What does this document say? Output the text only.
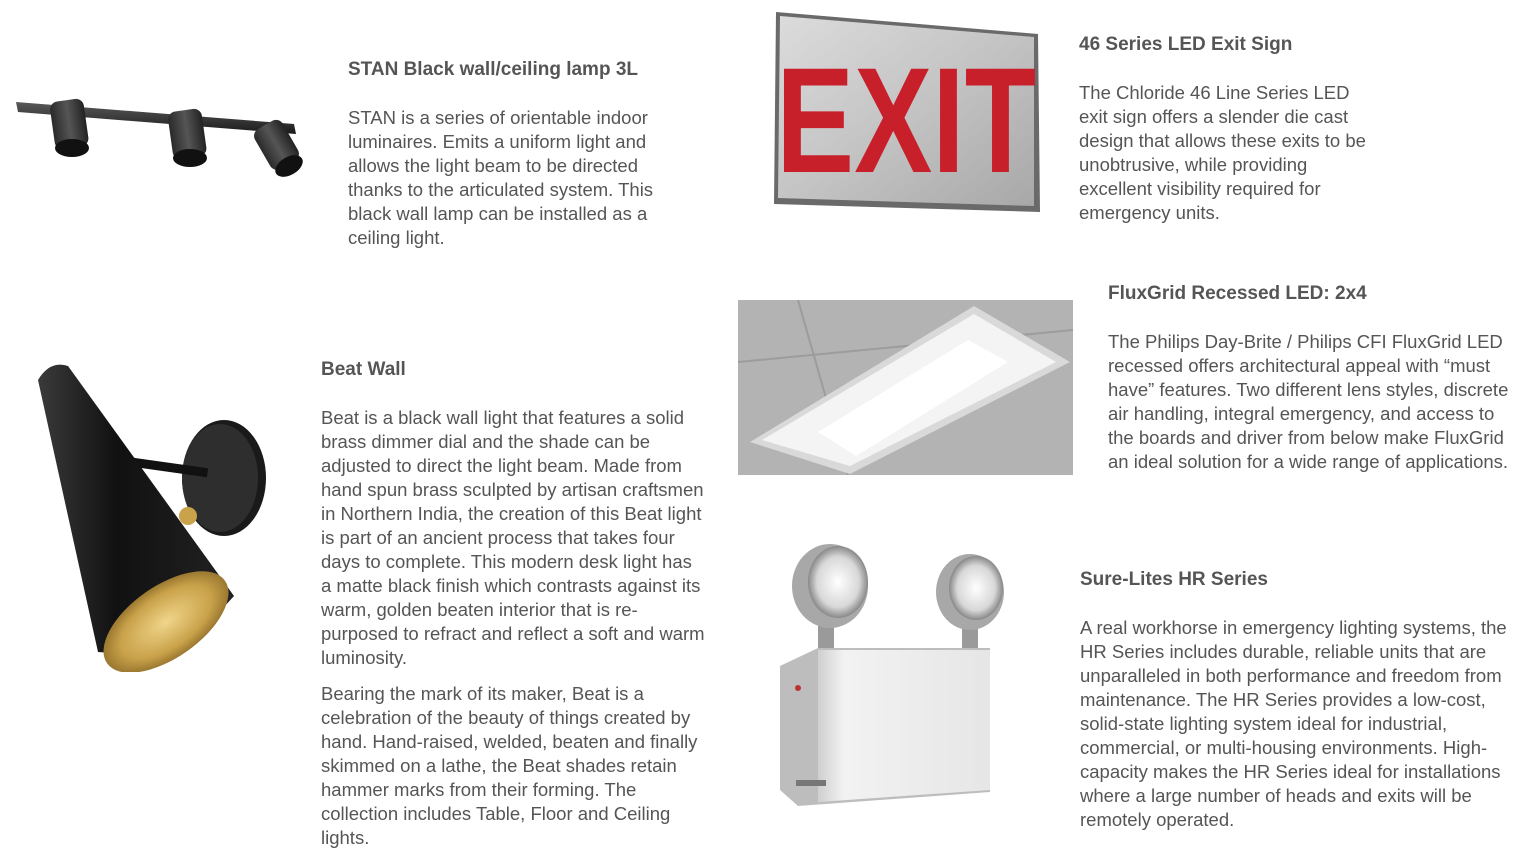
STAN Black wall/ceiling lamp 3L

STAN is a series of orientable indoor luminaires. Emits a uniform light and allows the light beam to be directed thanks to the articulated system. This black wall lamp can be installed as a ceiling light.

EXIT 46 Series LED Exit Sign

The Chloride 46 Line Series LED exit sign offers a slender die cast design that allows these exits to be unobtrusive, while providing excellent visibility required for emergency units.

FluxGrid Recessed LED: 2x4

The Philips Day-Brite / Philips CFI FluxGrid LED recessed offers architectural appeal with “must have” features. Two different lens styles, discrete air handling, integral emergency, and access to the boards and driver from below make FluxGrid an ideal solution for a wide range of applications.

Beat Wall

Beat is a black wall light that features a solid brass dimmer dial and the shade can be adjusted to direct the light beam. Made from hand spun brass sculpted by artisan craftsmen in Northern India, the creation of this Beat light is part of an ancient process that takes four days to complete. This modern desk light has a matte black finish which contrasts against its warm, golden beaten interior that is re-purposed to refract and reflect a soft and warm luminosity.

Bearing the mark of its maker, Beat is a celebration of the beauty of things created by hand. Hand-raised, welded, beaten and finally skimmed on a lathe, the Beat shades retain hammer marks from their forming. The collection includes Table, Floor and Ceiling lights.

Sure-Lites HR Series

A real workhorse in emergency lighting systems, the HR Series includes durable, reliable units that are unparalleled in both performance and freedom from maintenance. The HR Series provides a low-cost, solid-state lighting system ideal for industrial, commercial, or multi-housing environments. High-capacity makes the HR Series ideal for installations where a large number of heads and exits will be remotely operated.
